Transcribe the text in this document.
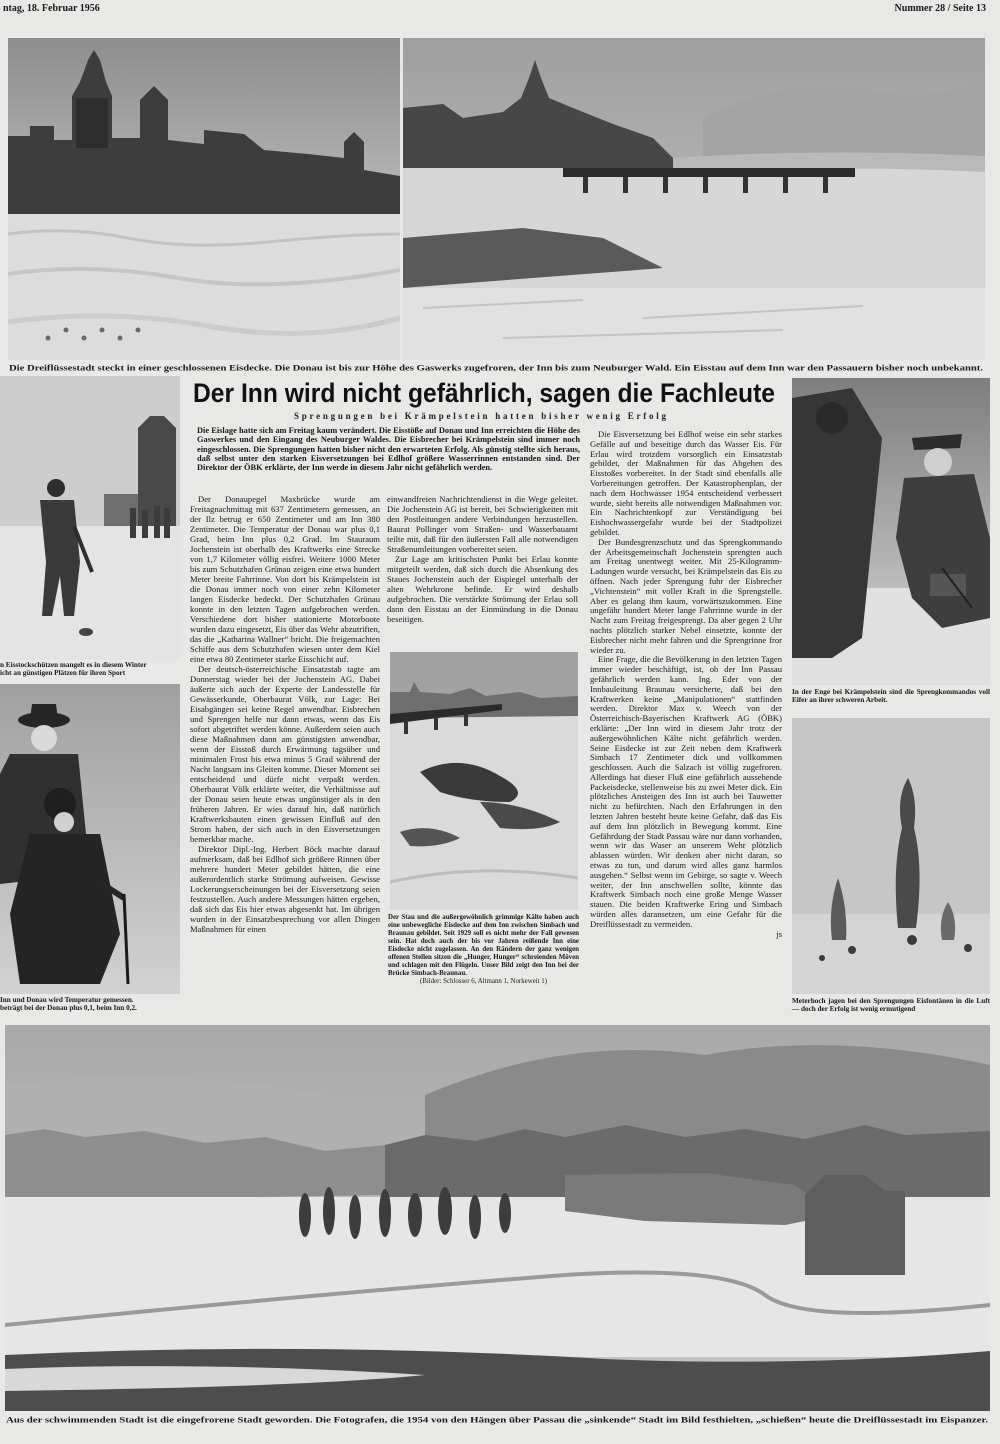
ntag, 18. Februar 1956	Nummer 28 / Seite 13
Die Dreiflüssestadt steckt in einer geschlossenen Eisdecke. Die Donau ist bis zur Höhe des Gaswerks zugefroren, der Inn bis zum Neuburger Wald. Ein Eisstau auf dem Inn war den Passauern bisher noch unbekannt.
n Eisstockschützen mangelt es in diesem Winter
icht an günstigen Plätzen für ihren Sport
Inn und Donau wird Temperatur gemessen.
beträgt bei der Donau plus 0,1, beim Inn 0,2.
Der Inn wird nicht gefährlich, sagen die Fachleute
Sprengungen bei Krämpelstein hatten bisher wenig Erfolg
Die Eislage hatte sich am Freitag kaum verändert. Die Eisstöße auf Donau und Inn erreichten die Höhe des Gaswerkes und den Eingang des Neuburger Waldes. Die Eisbrecher bei Krämpelstein sind immer noch eingeschlossen. Die Sprengungen hatten bisher nicht den erwarteten Erfolg. Als günstig stellte sich heraus, daß selbst unter den starken Eisversetzungen bei Edlhof größere Wasserrinnen entstanden sind. Der Direktor der ÖBK erklärte, der Inn werde in diesem Jahr nicht gefährlich werden.

Der Donaupegel Maxbrücke wurde am Freitagnachmittag mit 637 Zentimetern gemessen, an der Ilz betrug er 650 Zentimeter und am Inn 380 Zentimeter. Die Temperatur der Donau war plus 0,1 Grad, beim Inn plus 0,2 Grad. Im Stauraum Jochenstein ist oberhalb des Kraftwerks eine Strecke von 1,7 Kilometer völlig eisfrei. Weitere 1000 Meter bis zum Schutzhafen Grünau zeigen eine etwa hundert Meter breite Fahrrinne. Von dort bis Krämpelstein ist die Donau immer noch von einer zehn Kilometer langen Eisdecke bedeckt. Der Schutzhafen Grünau konnte in den letzten Tagen aufgebrochen werden. Verschiedene dort bisher stationierte Motorboote wurden dazu eingesetzt, Eis über das Wehr abzutriften, das die „Katharina Wallner“ bricht. Die freigemachten Schiffe aus dem Schutzhafen wiesen unter dem Kiel eine etwa 80 Zentimeter starke Eisschicht auf.

Der deutsch-österreichische Einsatzstab tagte am Donnerstag wieder bei der Jochenstein AG. Dabei äußerte sich auch der Experte der Landesstelle für Gewässerkunde, Oberbaurat Völk, zur Lage: Bei Eisabgängen sei keine Regel anwendbar. Eisbrechen und Sprengen helfe nur dann etwas, wenn das Eis sofort abgetriftet werden könne. Außerdem seien auch diese Maßnahmen dann am günstigsten anwendbar, wenn der Eisstoß durch Erwärmung tagsüber und minimalen Frost bis etwa minus 5 Grad während der Nacht langsam ins Gleiten komme. Dieser Moment sei entscheidend und dürfe nicht verpaßt werden. Oberbaurat Völk erklärte weiter, die Verhältnisse auf der Donau seien heute etwas ungünstiger als in den früheren Jahren. Er wies darauf hin, daß natürlich Kraftwerksbauten einen gewissen Einfluß auf den Strom haben, der sich auch in den Eisversetzungen bemerkbar mache.

Direktor Dipl.-Ing. Herbert Böck machte darauf aufmerksam, daß bei Edlhof sich größere Rinnen über mehrere hundert Meter gebildet hätten, die eine außerordentlich starke Strömung aufweisen. Gewisse Lockerungserscheinungen bei der Eisversetzung seien festzustellen. Auch andere Messungen hätten ergeben, daß sich das Eis hier etwas abgesenkt hat. Im übrigen wurden in der Einsatzbesprechung vor allen Dingen Maßnahmen für einen

einwandfreien Nachrichtendienst in die Wege geleitet. Die Jochenstein AG ist bereit, bei Schwierigkeiten mit den Postleitungen andere Verbindungen herzustellen. Baurat Pollinger vom Straßen- und Wasserbauamt teilte mit, daß für den äußersten Fall alle notwendigen Straßenumleitungen vorbereitet seien.

Zur Lage am kritischsten Punkt bei Erlau konnte mitgeteilt werden, daß sich durch die Absenkung des Staues Jochenstein auch der Eispiegel unterhalb der alten Wehrkrone befinde. Er wird deshalb aufgebrochen. Die verstärkte Strömung der Erlau soll dann den Eisstau an der Einmündung in die Donau beseitigen.

Der Stau und die außergewöhnlich grimmige Kälte haben auch eine unbewegliche Eisdecke auf dem Inn zwischen Simbach und Braunau gebildet. Seit 1929 soll es nicht mehr der Fall gewesen sein. Hat doch auch der bis vor Jahren reißende Inn eine Eisdecke nicht zugelassen. An den Rändern der ganz wenigen offenen Stellen sitzen die „Hunger, Hunger“ schreienden Möven und schlagen mit den Flügeln. Unser Bild zeigt den Inn bei der Brücke Simbach-Braunau.
(Bilder: Schlosser 6, Altmann 1, Norkeweit 1)

Die Eisversetzung bei Edlhof weise ein sehr starkes Gefälle auf und beseitige durch das Wasser Eis. Für Erlau wird trotzdem vorsorglich ein Einsatzstab gebildet, der Maßnahmen für das Abgehen des Eisstoßes vorbereitet. In der Stadt sind ebenfalls alle Vorbereitungen getroffen. Der Katastrophenplan, der nach dem Hochwasser 1954 entscheidend verbessert wurde, sieht bereits alle notwendigen Maßnahmen vor. Ein Nachrichtenkopf zur Verständigung bei Eishochwassergefahr wurde bei der Stadtpolizei gebildet.

Der Bundesgrenzschutz und das Sprengkommando der Arbeitsgemeinschaft Jochenstein sprengten auch am Freitag unentwegt weiter. Mit 25-Kilogramm-Ladungen wurde versucht, bei Krämpelstein das Eis zu öffnen. Nach jeder Sprengung fuhr der Eisbrecher „Vichtenstein“ mit voller Kraft in die Sprengstelle. Aber es gelang ihm kaum, vorwärtszukommen. Eine ungefähr hundert Meter lange Fahrrinne wurde in der Nacht zum Freitag freigesprengt. Da aber gegen 2 Uhr nachts plötzlich starker Nebel einsetzte, konnte der Eisbrecher nicht mehr fahren und die Sprengrinne fror wieder zu.

Eine Frage, die die Bevölkerung in den letzten Tagen immer wieder beschäftigt, ist, ob der Inn Passau gefährlich werden kann. Ing. Eder von der Innbauleitung Braunau versicherte, daß bei den Kraftwerken keine „Manipulationen“ stattfinden werden. Direktor Max v. Weech von der Österreichisch-Bayerischen Kraftwerk AG (ÖBK) erklärte: „Der Inn wird in diesem Jahr trotz der außergewöhnlichen Kälte nicht gefährlich werden. Seine Eisdecke ist zur Zeit neben dem Kraftwerk Simbach 17 Zentimeter dick und vollkommen geschlossen. Auch die Salzach ist völlig zugefroren. Allerdings hat dieser Fluß eine gefährlich aussehende Packeisdecke, stellenweise bis zu zwei Meter dick. Ein plötzliches Ansteigen des Inn ist auch bei Tauwetter nicht zu befürchten. Nach den Erfahrungen in den letzten Jahren besteht heute keine Gefahr, daß das Eis auf dem Inn plötzlich in Bewegung kommt. Eine Gefährdung der Stadt Passau wäre nur dann vorhanden, wenn wir das Waser an unserem Wehr plötzlich ablassen würden. Wir denken aber nicht daran, so etwas zu tun, und darum wird alles ganz harmlos ausgehen.“ Selbst wenn im Gebirge, so sagte v. Weech weiter, der Inn anschwellen sollte, könnte das Kraftwerk Simbach noch eine große Menge Wasser stauen. Die beiden Kraftwerke Ering und Simbach würden alles daransetzen, um eine Gefahr für die Dreiflüssestadt zu vermeiden.

js

In der Enge bei Krämpelstein sind die Sprengkommandos voll Eifer an ihrer schweren Arbeit.
Meterhoch jagen bei den Sprengungen Eisfontänen in die Luft — doch der Erfolg ist wenig ermutigend
Aus der schwimmenden Stadt ist die eingefrorene Stadt geworden. Die Fotografen, die 1954 von den Hängen über Passau die „sinkende“ Stadt im Bild festhielten, „schießen“ heute die Dreiflüssestadt im Eispanzer.
